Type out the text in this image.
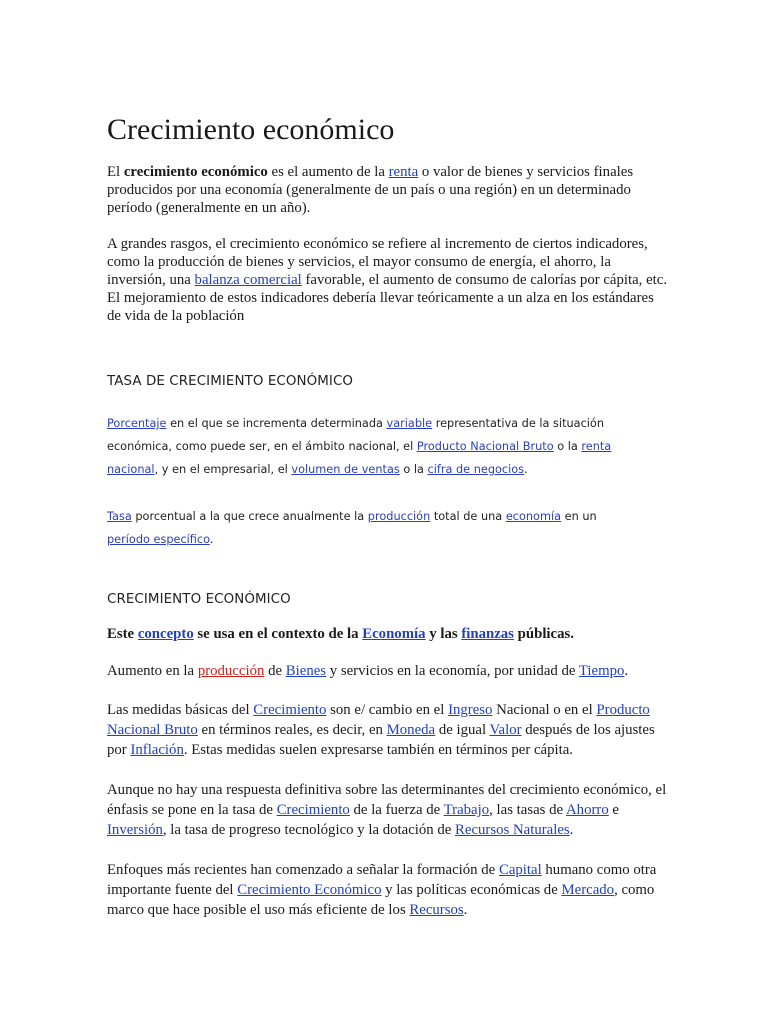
Crecimiento económico

El crecimiento económico es el aumento de la renta o valor de bienes y servicios finales producidos por una economía (generalmente de un país o una región) en un determinado período (generalmente en un año).

A grandes rasgos, el crecimiento económico se refiere al incremento de ciertos indicadores, como la producción de bienes y servicios, el mayor consumo de energía, el ahorro, la inversión, una balanza comercial favorable, el aumento de consumo de calorías por cápita, etc. El mejoramiento de estos indicadores debería llevar teóricamente a un alza en los estándares de vida de la población

TASA DE CRECIMIENTO ECONÓMICO

Porcentaje en el que se incrementa determinada variable representativa de la situación económica, como puede ser, en el ámbito nacional, el Producto Nacional Bruto o la renta nacional, y en el empresarial, el volumen de ventas o la cifra de negocios.

Tasa porcentual a la que crece anualmente la producción total de una economía en un período específico.

CRECIMIENTO ECONÓMICO

Este concepto se usa en el contexto de la Economía y las finanzas públicas.

Aumento en la producción de Bienes y servicios en la economía, por unidad de Tiempo.

Las medidas básicas del Crecimiento son e/ cambio en el Ingreso Nacional o en el Producto Nacional Bruto en términos reales, es decir, en Moneda de igual Valor después de los ajustes por Inflación. Estas medidas suelen expresarse también en términos per cápita.

Aunque no hay una respuesta definitiva sobre las determinantes del crecimiento económico, el énfasis se pone en la tasa de Crecimiento de la fuerza de Trabajo, las tasas de Ahorro e Inversión, la tasa de progreso tecnológico y la dotación de Recursos Naturales.

Enfoques más recientes han comenzado a señalar la formación de Capital humano como otra importante fuente del Crecimiento Económico y las políticas económicas de Mercado, como marco que hace posible el uso más eficiente de los Recursos.
